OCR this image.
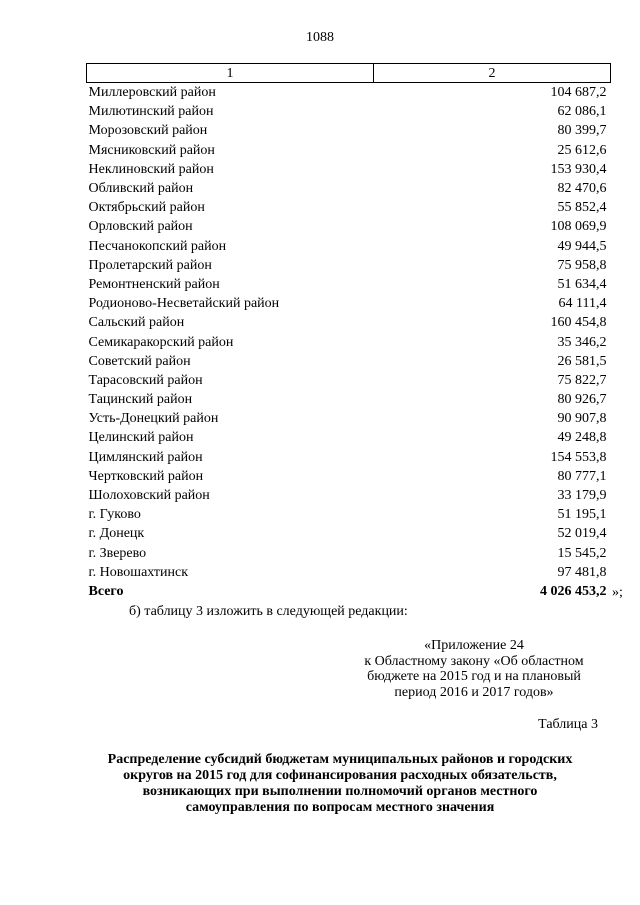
1088
1	2
Миллеровский район	104 687,2
Милютинский район	62 086,1
Морозовский район	80 399,7
Мясниковский район	25 612,6
Неклиновский район	153 930,4
Обливский район	82 470,6
Октябрьский район	55 852,4
Орловский район	108 069,9
Песчанокопский район	49 944,5
Пролетарский район	75 958,8
Ремонтненский район	51 634,4
Родионово-Несветайский район	64 111,4
Сальский район	160 454,8
Семикаракорский район	35 346,2
Советский район	26 581,5
Тарасовский район	75 822,7
Тацинский район	80 926,7
Усть-Донецкий район	90 907,8
Целинский район	49 248,8
Цимлянский район	154 553,8
Чертковский район	80 777,1
Шолоховский район	33 179,9
г. Гуково	51 195,1
г. Донецк	52 019,4
г. Зверево	15 545,2
г. Новошахтинск	97 481,8
Всего	4 026 453,2 »;
б) таблицу 3 изложить в следующей редакции:
«Приложение 24
к Областному закону «Об областном
бюджете на 2015 год и на плановый
период 2016 и 2017 годов»
Таблица 3
Распределение субсидий бюджетам муниципальных районов и городских
округов на 2015 год для софинансирования расходных обязательств,
возникающих при выполнении полномочий органов местного
самоуправления по вопросам местного значения
